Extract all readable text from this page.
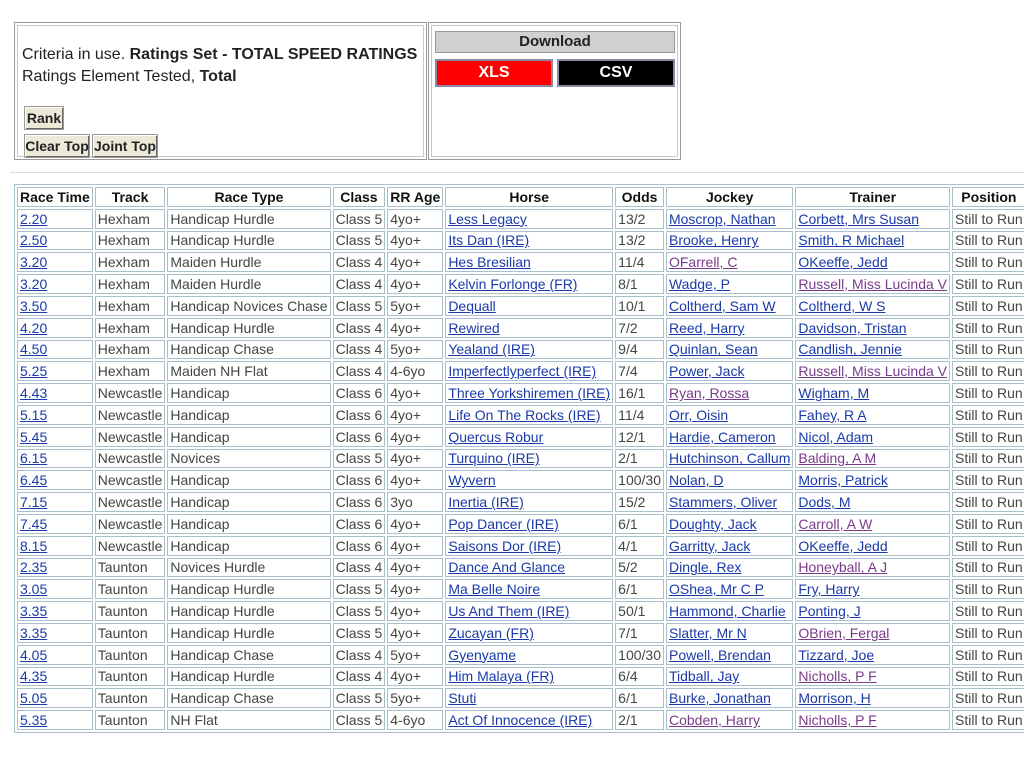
Criteria in use. Ratings Set - TOTAL SPEED RATINGS
Ratings Element Tested, Total
Rank
Clear Top Joint Top
Download
XLS	CSV
Race Time	Track	Race Type	Class	RR Age	Horse	Odds	Jockey	Trainer	Position
2.20	Hexham	Handicap Hurdle	Class 5	4yo+	Less Legacy	13/2	Moscrop, Nathan	Corbett, Mrs Susan	Still to Run
2.50	Hexham	Handicap Hurdle	Class 5	4yo+	Its Dan (IRE)	13/2	Brooke, Henry	Smith, R Michael	Still to Run
3.20	Hexham	Maiden Hurdle	Class 4	4yo+	Hes Bresilian	11/4	OFarrell, C	OKeeffe, Jedd	Still to Run
3.20	Hexham	Maiden Hurdle	Class 4	4yo+	Kelvin Forlonge (FR)	8/1	Wadge, P	Russell, Miss Lucinda V	Still to Run
3.50	Hexham	Handicap Novices Chase	Class 5	5yo+	Dequall	10/1	Coltherd, Sam W	Coltherd, W S	Still to Run
4.20	Hexham	Handicap Hurdle	Class 4	4yo+	Rewired	7/2	Reed, Harry	Davidson, Tristan	Still to Run
4.50	Hexham	Handicap Chase	Class 4	5yo+	Yealand (IRE)	9/4	Quinlan, Sean	Candlish, Jennie	Still to Run
5.25	Hexham	Maiden NH Flat	Class 4	4-6yo	Imperfectlyperfect (IRE)	7/4	Power, Jack	Russell, Miss Lucinda V	Still to Run
4.43	Newcastle	Handicap	Class 6	4yo+	Three Yorkshiremen (IRE)	16/1	Ryan, Rossa	Wigham, M	Still to Run
5.15	Newcastle	Handicap	Class 6	4yo+	Life On The Rocks (IRE)	11/4	Orr, Oisin	Fahey, R A	Still to Run
5.45	Newcastle	Handicap	Class 6	4yo+	Quercus Robur	12/1	Hardie, Cameron	Nicol, Adam	Still to Run
6.15	Newcastle	Novices	Class 5	4yo+	Turquino (IRE)	2/1	Hutchinson, Callum	Balding, A M	Still to Run
6.45	Newcastle	Handicap	Class 6	4yo+	Wyvern	100/30	Nolan, D	Morris, Patrick	Still to Run
7.15	Newcastle	Handicap	Class 6	3yo	Inertia (IRE)	15/2	Stammers, Oliver	Dods, M	Still to Run
7.45	Newcastle	Handicap	Class 6	4yo+	Pop Dancer (IRE)	6/1	Doughty, Jack	Carroll, A W	Still to Run
8.15	Newcastle	Handicap	Class 6	4yo+	Saisons Dor (IRE)	4/1	Garritty, Jack	OKeeffe, Jedd	Still to Run
2.35	Taunton	Novices Hurdle	Class 4	4yo+	Dance And Glance	5/2	Dingle, Rex	Honeyball, A J	Still to Run
3.05	Taunton	Handicap Hurdle	Class 5	4yo+	Ma Belle Noire	6/1	OShea, Mr C P	Fry, Harry	Still to Run
3.35	Taunton	Handicap Hurdle	Class 5	4yo+	Us And Them (IRE)	50/1	Hammond, Charlie	Ponting, J	Still to Run
3.35	Taunton	Handicap Hurdle	Class 5	4yo+	Zucayan (FR)	7/1	Slatter, Mr N	OBrien, Fergal	Still to Run
4.05	Taunton	Handicap Chase	Class 4	5yo+	Gyenyame	100/30	Powell, Brendan	Tizzard, Joe	Still to Run
4.35	Taunton	Handicap Hurdle	Class 4	4yo+	Him Malaya (FR)	6/4	Tidball, Jay	Nicholls, P F	Still to Run
5.05	Taunton	Handicap Chase	Class 5	5yo+	Stuti	6/1	Burke, Jonathan	Morrison, H	Still to Run
5.35	Taunton	NH Flat	Class 5	4-6yo	Act Of Innocence (IRE)	2/1	Cobden, Harry	Nicholls, P F	Still to Run
